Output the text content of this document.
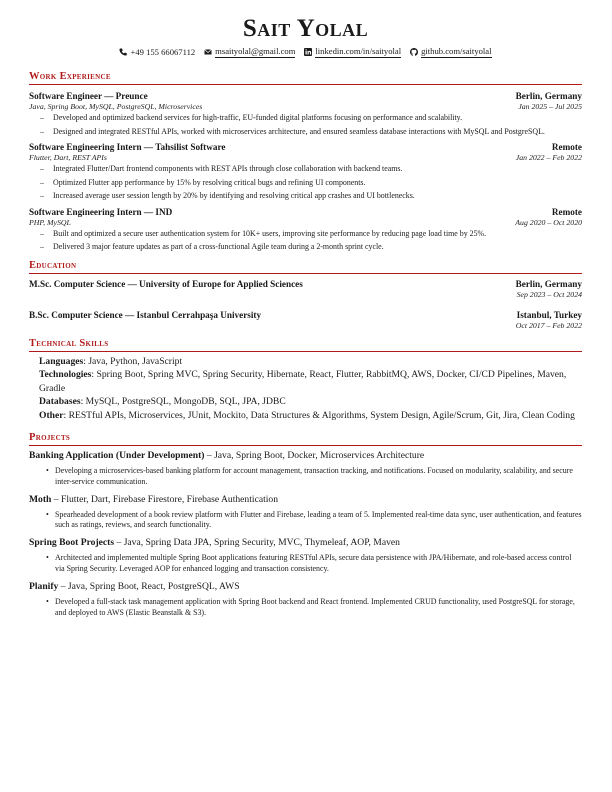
Sait Yolal
+49 155 66067112 msaityolal@gmail.com linkedin.com/in/saityolal github.com/saityolal
Work Experience
Software Engineer — Preunce	Berlin, Germany
Java, Spring Boot, MySQL, PostgreSQL, Microservices	Jan 2025 – Jul 2025
– Developed and optimized backend services for high-traffic, EU-funded digital platforms focusing on performance and scalability.
– Designed and integrated RESTful APIs, worked with microservices architecture, and ensured seamless database interactions with MySQL and PostgreSQL.
Software Engineering Intern — Tahsilist Software	Remote
Flutter, Dart, REST APIs	Jan 2022 – Feb 2022
– Integrated Flutter/Dart frontend components with REST APIs through close collaboration with backend teams.
– Optimized Flutter app performance by 15% by resolving critical bugs and refining UI components.
– Increased average user session length by 20% by identifying and resolving critical app crashes and UI bottlenecks.
Software Engineering Intern — IND	Remote
PHP, MySQL	Aug 2020 – Oct 2020
– Built and optimized a secure user authentication system for 10K+ users, improving site performance by reducing page load time by 25%.
– Delivered 3 major feature updates as part of a cross-functional Agile team during a 2-month sprint cycle.
Education
M.Sc. Computer Science — University of Europe for Applied Sciences	Berlin, Germany
Sep 2023 – Oct 2024
B.Sc. Computer Science — Istanbul Cerrahpaşa University	Istanbul, Turkey
Oct 2017 – Feb 2022
Technical Skills
Languages: Java, Python, JavaScript
Technologies: Spring Boot, Spring MVC, Spring Security, Hibernate, React, Flutter, RabbitMQ, AWS, Docker, CI/CD Pipelines, Maven, Gradle
Databases: MySQL, PostgreSQL, MongoDB, SQL, JPA, JDBC
Other: RESTful APIs, Microservices, JUnit, Mockito, Data Structures & Algorithms, System Design, Agile/Scrum, Git, Jira, Clean Coding
Projects
Banking Application (Under Development) – Java, Spring Boot, Docker, Microservices Architecture
• Developing a microservices-based banking platform for account management, transaction tracking, and notifications. Focused on modularity, scalability, and secure inter-service communication.
Moth – Flutter, Dart, Firebase Firestore, Firebase Authentication
• Spearheaded development of a book review platform with Flutter and Firebase, leading a team of 5. Implemented real-time data sync, user authentication, and features such as ratings, reviews, and search functionality.
Spring Boot Projects – Java, Spring Data JPA, Spring Security, MVC, Thymeleaf, AOP, Maven
• Architected and implemented multiple Spring Boot applications featuring RESTful APIs, secure data persistence with JPA/Hibernate, and role-based access control via Spring Security. Leveraged AOP for enhanced logging and transaction consistency.
Planify – Java, Spring Boot, React, PostgreSQL, AWS
• Developed a full-stack task management application with Spring Boot backend and React frontend. Implemented CRUD functionality, used PostgreSQL for storage, and deployed to AWS (Elastic Beanstalk & S3).
